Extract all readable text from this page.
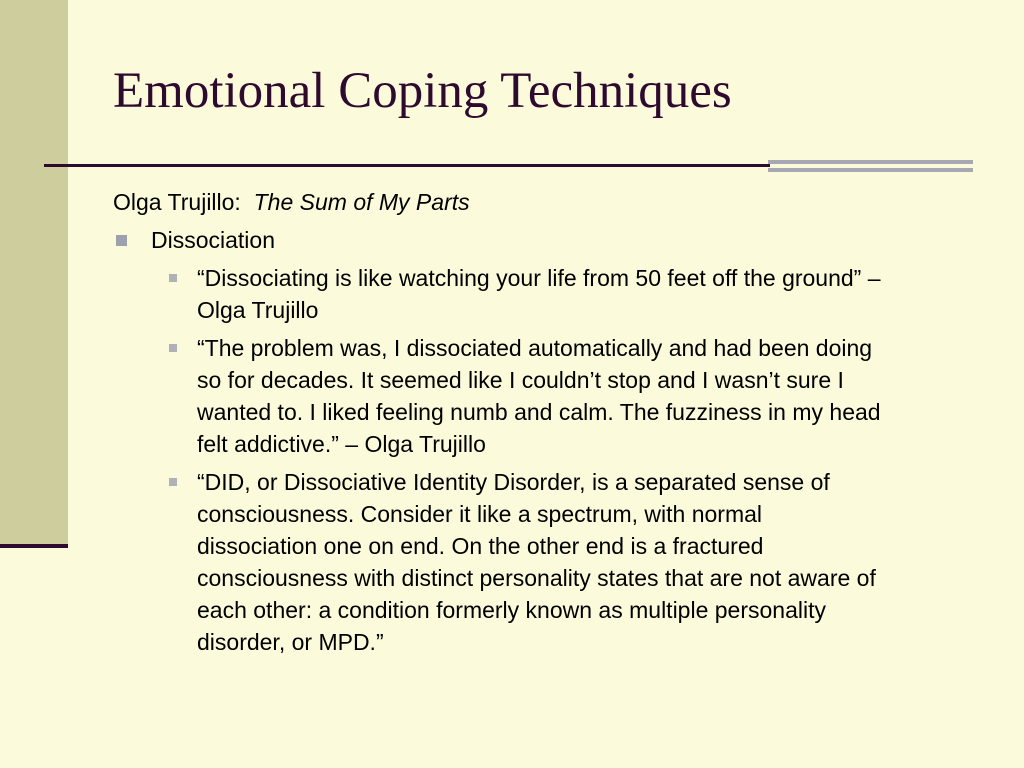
Emotional Coping Techniques

Olga Trujillo: The Sum of My Parts

Dissociation
“Dissociating is like watching your life from 50 feet off the ground” – Olga Trujillo
“The problem was, I dissociated automatically and had been doing so for decades. It seemed like I couldn’t stop and I wasn’t sure I wanted to. I liked feeling numb and calm. The fuzziness in my head felt addictive.” – Olga Trujillo
“DID, or Dissociative Identity Disorder, is a separated sense of consciousness. Consider it like a spectrum, with normal dissociation one on end. On the other end is a fractured consciousness with distinct personality states that are not aware of each other: a condition formerly known as multiple personality disorder, or MPD.”
